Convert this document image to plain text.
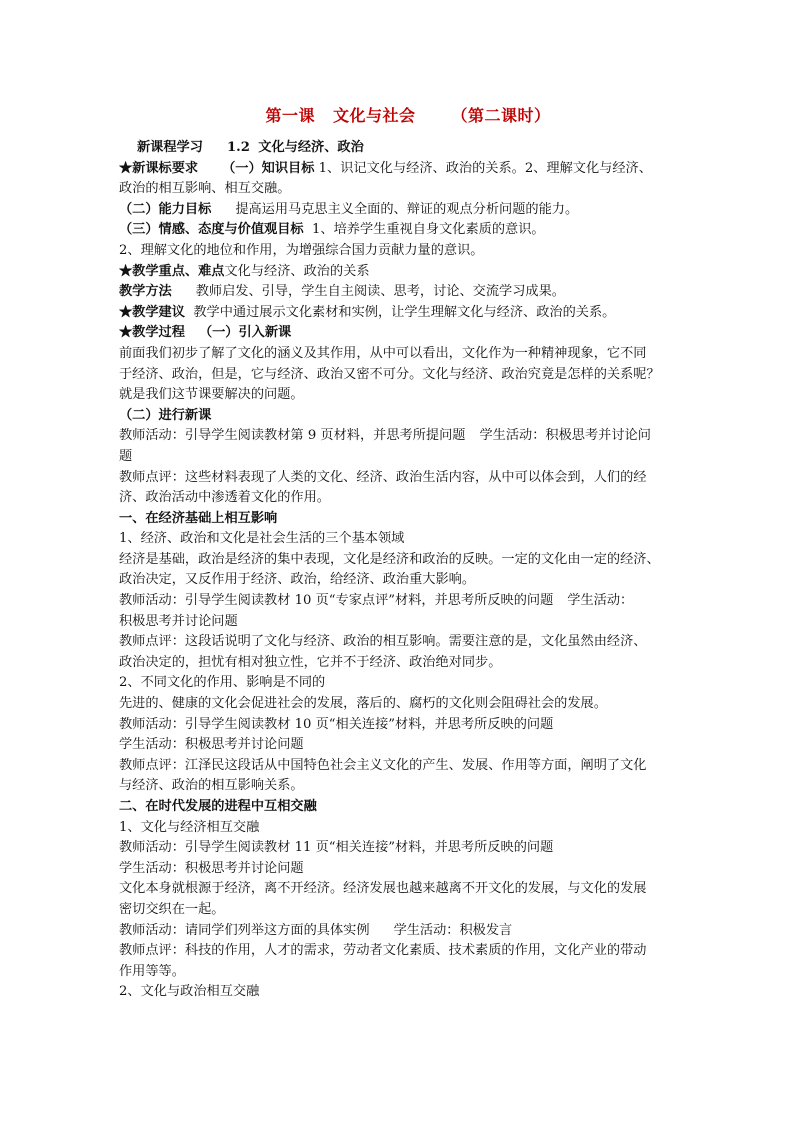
第一课 文化与社会 （第二课时）
新课程学习 1.2 文化与经济、政治
★新课标要求 （一）知识目标 1、识记文化与经济、政治的关系。2、理解文化与经济、
政治的相互影响、相互交融。
（二）能力目标 提高运用马克思主义全面的、辩证的观点分析问题的能力。
（三）情感、态度与价值观目标 1、培养学生重视自身文化素质的意识。
2、理解文化的地位和作用，为增强综合国力贡献力量的意识。
★教学重点、难点文化与经济、政治的关系
教学方法 教师启发、引导，学生自主阅读、思考，讨论、交流学习成果。
★教学建议 教学中通过展示文化素材和实例，让学生理解文化与经济、政治的关系。
★教学过程 （一）引入新课
前面我们初步了解了文化的涵义及其作用，从中可以看出，文化作为一种精神现象，它不同
于经济、政治，但是，它与经济、政治又密不可分。文化与经济、政治究竟是怎样的关系呢？
就是我们这节课要解决的问题。
（二）进行新课
教师活动：引导学生阅读教材第 9 页材料，并思考所提问题 学生活动：积极思考并讨论问
题
教师点评：这些材料表现了人类的文化、经济、政治生活内容，从中可以体会到，人们的经
济、政治活动中渗透着文化的作用。
一、在经济基础上相互影响
1、经济、政治和文化是社会生活的三个基本领域
经济是基础，政治是经济的集中表现，文化是经济和政治的反映。一定的文化由一定的经济、
政治决定，又反作用于经济、政治，给经济、政治重大影响。
教师活动：引导学生阅读教材 10 页“专家点评”材料，并思考所反映的问题 学生活动：
积极思考并讨论问题
教师点评：这段话说明了文化与经济、政治的相互影响。需要注意的是，文化虽然由经济、
政治决定的，担忧有相对独立性，它并不于经济、政治绝对同步。
2、不同文化的作用、影响是不同的
先进的、健康的文化会促进社会的发展，落后的、腐朽的文化则会阻碍社会的发展。
教师活动：引导学生阅读教材 10 页“相关连接”材料，并思考所反映的问题
学生活动：积极思考并讨论问题
教师点评：江泽民这段话从中国特色社会主义文化的产生、发展、作用等方面，阐明了文化
与经济、政治的相互影响关系。
二、在时代发展的进程中互相交融
1、文化与经济相互交融
教师活动：引导学生阅读教材 11 页“相关连接”材料，并思考所反映的问题
学生活动：积极思考并讨论问题
文化本身就根源于经济，离不开经济。经济发展也越来越离不开文化的发展，与文化的发展
密切交织在一起。
教师活动：请同学们列举这方面的具体实例 学生活动：积极发言
教师点评：科技的作用，人才的需求，劳动者文化素质、技术素质的作用，文化产业的带动
作用等等。
2、文化与政治相互交融
